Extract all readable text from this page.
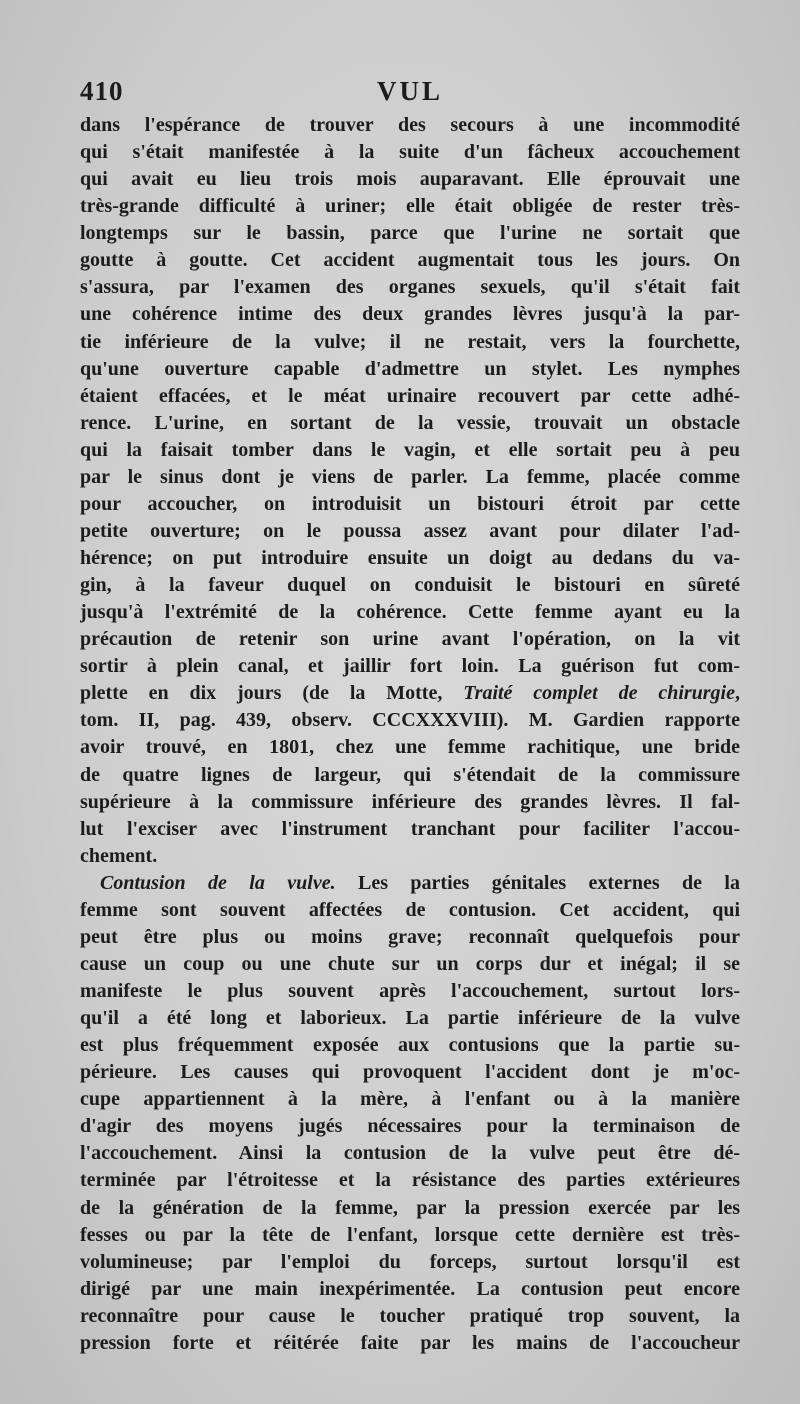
410	VUL
dans l'espérance de trouver des secours à une incommodité
qui s'était manifestée à la suite d'un fâcheux accouchement
qui avait eu lieu trois mois auparavant. Elle éprouvait une
très-grande difficulté à uriner; elle était obligée de rester très-
longtemps sur le bassin, parce que l'urine ne sortait que
goutte à goutte. Cet accident augmentait tous les jours. On
s'assura, par l'examen des organes sexuels, qu'il s'était fait
une cohérence intime des deux grandes lèvres jusqu'à la par-
tie inférieure de la vulve; il ne restait, vers la fourchette,
qu'une ouverture capable d'admettre un stylet. Les nymphes
étaient effacées, et le méat urinaire recouvert par cette adhé-
rence. L'urine, en sortant de la vessie, trouvait un obstacle
qui la faisait tomber dans le vagin, et elle sortait peu à peu
par le sinus dont je viens de parler. La femme, placée comme
pour accoucher, on introduisit un bistouri étroit par cette
petite ouverture; on le poussa assez avant pour dilater l'ad-
hérence; on put introduire ensuite un doigt au dedans du va-
gin, à la faveur duquel on conduisit le bistouri en sûreté
jusqu'à l'extrémité de la cohérence. Cette femme ayant eu la
précaution de retenir son urine avant l'opération, on la vit
sortir à plein canal, et jaillir fort loin. La guérison fut com-
plette en dix jours (de la Motte, Traité complet de chirurgie,
tom. II, pag. 439, observ. CCCXXXVIII). M. Gardien rapporte
avoir trouvé, en 1801, chez une femme rachitique, une bride
de quatre lignes de largeur, qui s'étendait de la commissure
supérieure à la commissure inférieure des grandes lèvres. Il fal-
lut l'exciser avec l'instrument tranchant pour faciliter l'accou-
chement.
Contusion de la vulve. Les parties génitales externes de la
femme sont souvent affectées de contusion. Cet accident, qui
peut être plus ou moins grave; reconnaît quelquefois pour
cause un coup ou une chute sur un corps dur et inégal; il se
manifeste le plus souvent après l'accouchement, surtout lors-
qu'il a été long et laborieux. La partie inférieure de la vulve
est plus fréquemment exposée aux contusions que la partie su-
périeure. Les causes qui provoquent l'accident dont je m'oc-
cupe appartiennent à la mère, à l'enfant ou à la manière
d'agir des moyens jugés nécessaires pour la terminaison de
l'accouchement. Ainsi la contusion de la vulve peut être dé-
terminée par l'étroitesse et la résistance des parties extérieures
de la génération de la femme, par la pression exercée par les
fesses ou par la tête de l'enfant, lorsque cette dernière est très-
volumineuse; par l'emploi du forceps, surtout lorsqu'il est
dirigé par une main inexpérimentée. La contusion peut encore
reconnaître pour cause le toucher pratiqué trop souvent, la
pression forte et réitérée faite par les mains de l'accoucheur
